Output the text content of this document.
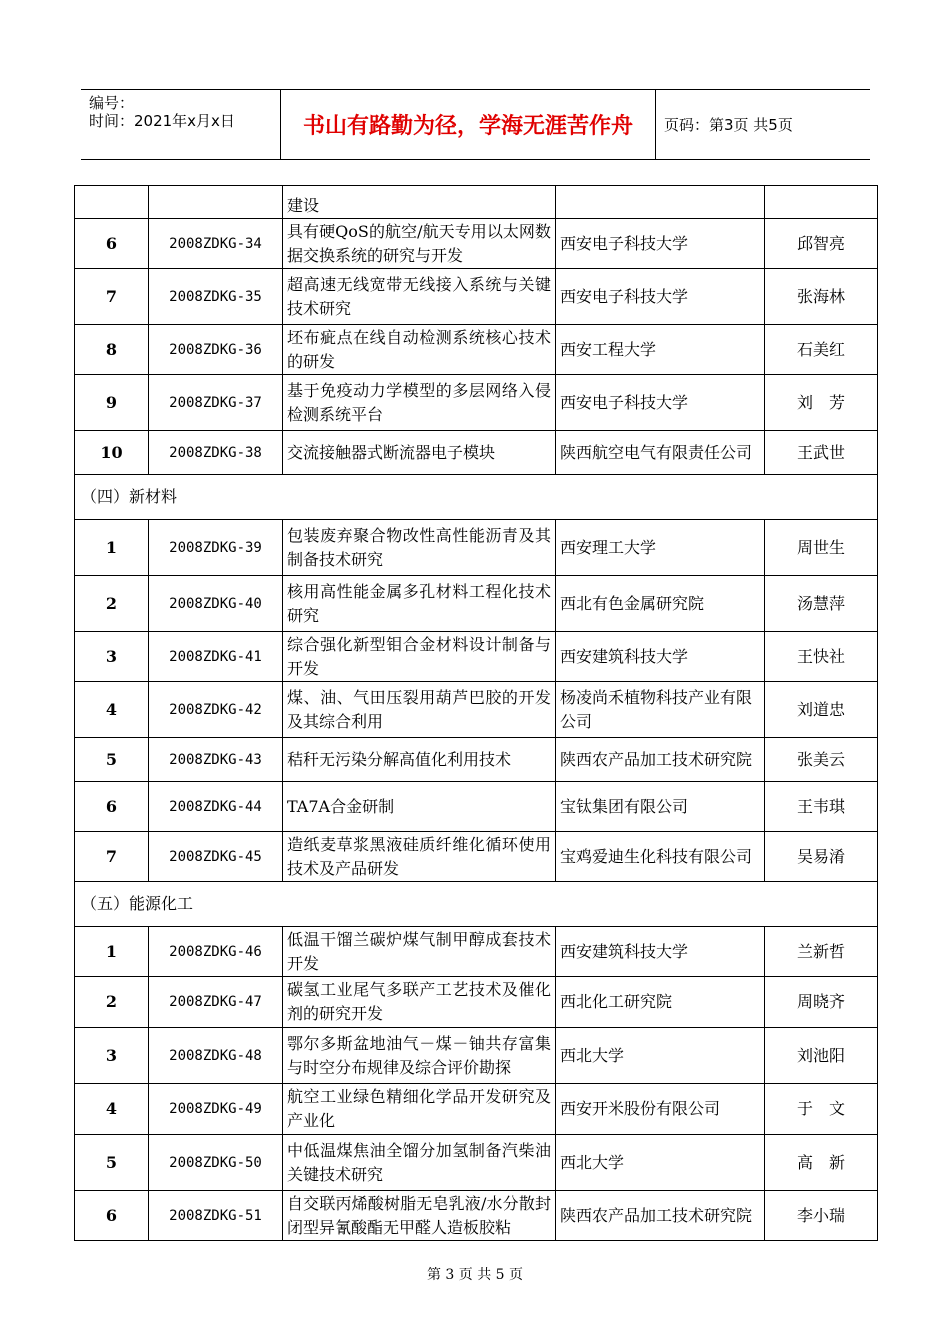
编号：
时间：2021年x月x日	书山有路勤为径，学海无涯苦作舟	页码：第3页 共5页
		建设		
6	2008ZDKG-34	具有硬QoS的航空/航天专用以太网数据交换系统的研究与开发	西安电子科技大学	邱智亮
7	2008ZDKG-35	超高速无线宽带无线接入系统与关键技术研究	西安电子科技大学	张海林
8	2008ZDKG-36	坯布疵点在线自动检测系统核心技术的研发	西安工程大学	石美红
9	2008ZDKG-37	基于免疫动力学模型的多层网络入侵检测系统平台	西安电子科技大学	刘　芳
10	2008ZDKG-38	交流接触器式断流器电子模块	陕西航空电气有限责任公司	王武世
（四）新材料				
1	2008ZDKG-39	包装废弃聚合物改性高性能沥青及其制备技术研究	西安理工大学	周世生
2	2008ZDKG-40	核用高性能金属多孔材料工程化技术研究	西北有色金属研究院	汤慧萍
3	2008ZDKG-41	综合强化新型钼合金材料设计制备与开发	西安建筑科技大学	王快社
4	2008ZDKG-42	煤、油、气田压裂用葫芦巴胶的开发及其综合利用	杨凌尚禾植物科技产业有限公司	刘道忠
5	2008ZDKG-43	秸秆无污染分解高值化利用技术	陕西农产品加工技术研究院	张美云
6	2008ZDKG-44	TA7A合金研制	宝钛集团有限公司	王韦琪
7	2008ZDKG-45	造纸麦草浆黑液硅质纤维化循环使用技术及产品研发	宝鸡爱迪生化科技有限公司	吴易淆
（五）能源化工				
1	2008ZDKG-46	低温干馏兰碳炉煤气制甲醇成套技术开发	西安建筑科技大学	兰新哲
2	2008ZDKG-47	碳氢工业尾气多联产工艺技术及催化剂的研究开发	西北化工研究院	周晓齐
3	2008ZDKG-48	鄂尔多斯盆地油气－煤－铀共存富集与时空分布规律及综合评价勘探	西北大学	刘池阳
4	2008ZDKG-49	航空工业绿色精细化学品开发研究及产业化	西安开米股份有限公司	于　文
5	2008ZDKG-50	中低温煤焦油全馏分加氢制备汽柴油关键技术研究	西北大学	高　新
6	2008ZDKG-51	自交联丙烯酸树脂无皂乳液/水分散封闭型异氰酸酯无甲醛人造板胶粘	陕西农产品加工技术研究院	李小瑞
第 3 页 共 5 页
